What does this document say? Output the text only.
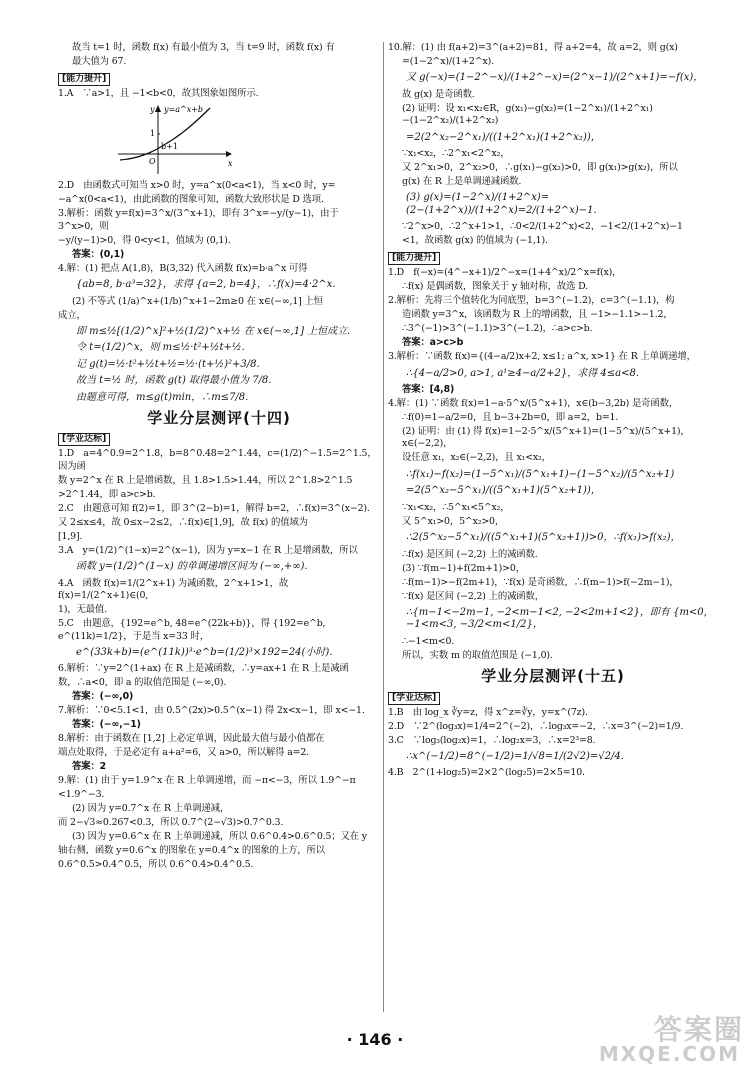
故当 t=1 时，函数 f(x) 有最小值为 3，当 t=9 时，函数 f(x) 有
最大值为 67.
[能力提升]
1.A　∵a>1，且 −1<b<0，故其图象如图所示.
y y=a^x+b
x
O
1
b+1
2.D　由函数式可知当 x>0 时，y=a^x(0<a<1)，当 x<0 时，y=
−a^x(0<a<1)，由此函数的图象可知，函数大致形状是 D 选项.
3.解析：函数 y=f(x)=3^x/(3^x+1)，即有 3^x=−y/(y−1)，由于 3^x>0，则
−y/(y−1)>0，得 0<y<1，值域为 (0,1).
答案：(0,1)
4.解：(1) 把点 A(1,8)，B(3,32) 代入函数 f(x)=b·a^x 可得
{ab=8, b·a³=32}，求得 {a=2, b=4}，∴f(x)=4·2^x.
(2) 不等式 (1/a)^x+(1/b)^x+1−2m≥0 在 x∈(−∞,1] 上恒
成立，
即 m≤½[(1/2)^x]²+½(1/2)^x+½ 在 x∈(−∞,1] 上恒成立.
令 t=(1/2)^x，则 m≤½·t²+½t+½.
记 g(t)=½·t²+½t+½=½·(t+½)²+3/8.
故当 t=½ 时，函数 g(t) 取得最小值为 7/8.
由题意可得，m≤g(t)min，∴m≤7/8.
学业分层测评(十四)
[学业达标]
1.D　a=4^0.9=2^1.8，b=8^0.48=2^1.44，c=(1/2)^−1.5=2^1.5，因为函
数 y=2^x 在 R 上是增函数，且 1.8>1.5>1.44，所以 2^1.8>2^1.5
>2^1.44，即 a>c>b.
2.C　由题意可知 f(2)=1，即 3^(2−b)=1，解得 b=2，∴f(x)=3^(x−2).
又 2≤x≤4，故 0≤x−2≤2，∴f(x)∈[1,9]，故 f(x) 的值域为
[1,9].
3.A　y=(1/2)^(1−x)=2^(x−1)，因为 y=x−1 在 R 上是增函数，所以
函数 y=(1/2)^(1−x) 的单调递增区间为 (−∞,+∞).
4.A　函数 f(x)=1/(2^x+1) 为减函数，2^x+1>1，故 f(x)=1/(2^x+1)∈(0,
1)，无最值.
5.C　由题意，{192=e^b, 48=e^(22k+b)}，得 {192=e^b, e^(11k)=1/2}，于是当 x=33 时，
e^(33k+b)=(e^(11k))³·e^b=(1/2)³×192=24(小时).
6.解析：∵y=2^(1+ax) 在 R 上是减函数，∴y=ax+1 在 R 上是减函
数，∴a<0，即 a 的取值范围是 (−∞,0).
答案：(−∞,0)
7.解析：∵0<5.1<1，由 0.5^(2x)>0.5^(x−1) 得 2x<x−1，即 x<−1.
答案：(−∞,−1)
8.解析：由于函数在 [1,2] 上必定单调，因此最大值与最小值都在
端点处取得，于是必定有 a+a²=6，又 a>0，所以解得 a=2.
答案：2
9.解：(1) 由于 y=1.9^x 在 R 上单调递增，而 −π<−3，所以 1.9^−π
<1.9^−3.
(2) 因为 y=0.7^x 在 R 上单调递减，
而 2−√3≈0.267<0.3，所以 0.7^(2−√3)>0.7^0.3.
(3) 因为 y=0.6^x 在 R 上单调递减，所以 0.6^0.4>0.6^0.5；又在 y
轴右侧，函数 y=0.6^x 的图象在 y=0.4^x 的图象的上方，所以
0.6^0.5>0.4^0.5，所以 0.6^0.4>0.4^0.5.
10.解：(1) 由 f(a+2)=3^(a+2)=81，得 a+2=4，故 a=2，则 g(x)
=(1−2^x)/(1+2^x).
又 g(−x)=(1−2^−x)/(1+2^−x)=(2^x−1)/(2^x+1)=−f(x)，
故 g(x) 是奇函数.
(2) 证明：设 x₁<x₂∈R，g(x₁)−g(x₂)=(1−2^x₁)/(1+2^x₁)−(1−2^x₂)/(1+2^x₂)
=2(2^x₂−2^x₁)/((1+2^x₁)(1+2^x₂))，
∵x₁<x₂，∴2^x₁<2^x₂，
又 2^x₁>0，2^x₂>0，∴g(x₁)−g(x₂)>0，即 g(x₁)>g(x₂)，所以
g(x) 在 R 上是单调递减函数.
(3) g(x)=(1−2^x)/(1+2^x)=(2−(1+2^x))/(1+2^x)=2/(1+2^x)−1.
∵2^x>0，∴2^x+1>1，∴0<2/(1+2^x)<2，−1<2/(1+2^x)−1
<1，故函数 g(x) 的值域为 (−1,1).
[能力提升]
1.D　f(−x)=(4^−x+1)/2^−x=(1+4^x)/2^x=f(x)，
∴f(x) 是偶函数，图象关于 y 轴对称，故选 D.
2.解析：先将三个值转化为同底型，b=3^(−1.2)，c=3^(−1.1)，构
造函数 y=3^x，该函数为 R 上的增函数，且 −1>−1.1>−1.2，
∴3^(−1)>3^(−1.1)>3^(−1.2)，∴a>c>b.
答案：a>c>b
3.解析：∵函数 f(x)={(4−a/2)x+2, x≤1; a^x, x>1} 在 R 上单调递增，
∴{4−a/2>0, a>1, a¹≥4−a/2+2}，求得 4≤a<8.
答案：[4,8)
4.解：(1) ∵函数 f(x)=1−a·5^x/(5^x+1)，x∈(b−3,2b) 是奇函数，
∴f(0)=1−a/2=0，且 b−3+2b=0，即 a=2，b=1.
(2) 证明：由 (1) 得 f(x)=1−2·5^x/(5^x+1)=(1−5^x)/(5^x+1)，x∈(−2,2)，
设任意 x₁，x₂∈(−2,2)，且 x₁<x₂，
∴f(x₁)−f(x₂)=(1−5^x₁)/(5^x₁+1)−(1−5^x₂)/(5^x₂+1)
=2(5^x₂−5^x₁)/((5^x₁+1)(5^x₂+1))，
∵x₁<x₂，∴5^x₁<5^x₂，
又 5^x₁>0，5^x₂>0，
∴2(5^x₂−5^x₁)/((5^x₁+1)(5^x₂+1))>0，∴f(x₁)>f(x₂)，
∴f(x) 是区间 (−2,2) 上的减函数.
(3) ∵f(m−1)+f(2m+1)>0，
∴f(m−1)>−f(2m+1)，∵f(x) 是奇函数，∴f(m−1)>f(−2m−1)，
∵f(x) 是区间 (−2,2) 上的减函数，
∴{m−1<−2m−1, −2<m−1<2, −2<2m+1<2}，即有 {m<0, −1<m<3, −3/2<m<1/2}，
∴−1<m<0.
所以，实数 m 的取值范围是 (−1,0).
学业分层测评(十五)
[学业达标]
1.B　由 log_x ∛y=z，得 x^z=∛y，y=x^(7z).
2.D　∵2^(log₃x)=1/4=2^(−2)，∴log₃x=−2，∴x=3^(−2)=1/9.
3.C　∵log₃(log₂x)=1，∴log₂x=3，∴x=2³=8.
∴x^(−1/2)=8^(−1/2)=1/√8=1/(2√2)=√2/4.
4.B　2^(1+log₂5)=2×2^(log₂5)=2×5=10.
· 146 ·	答案圈
MXQE.COM
